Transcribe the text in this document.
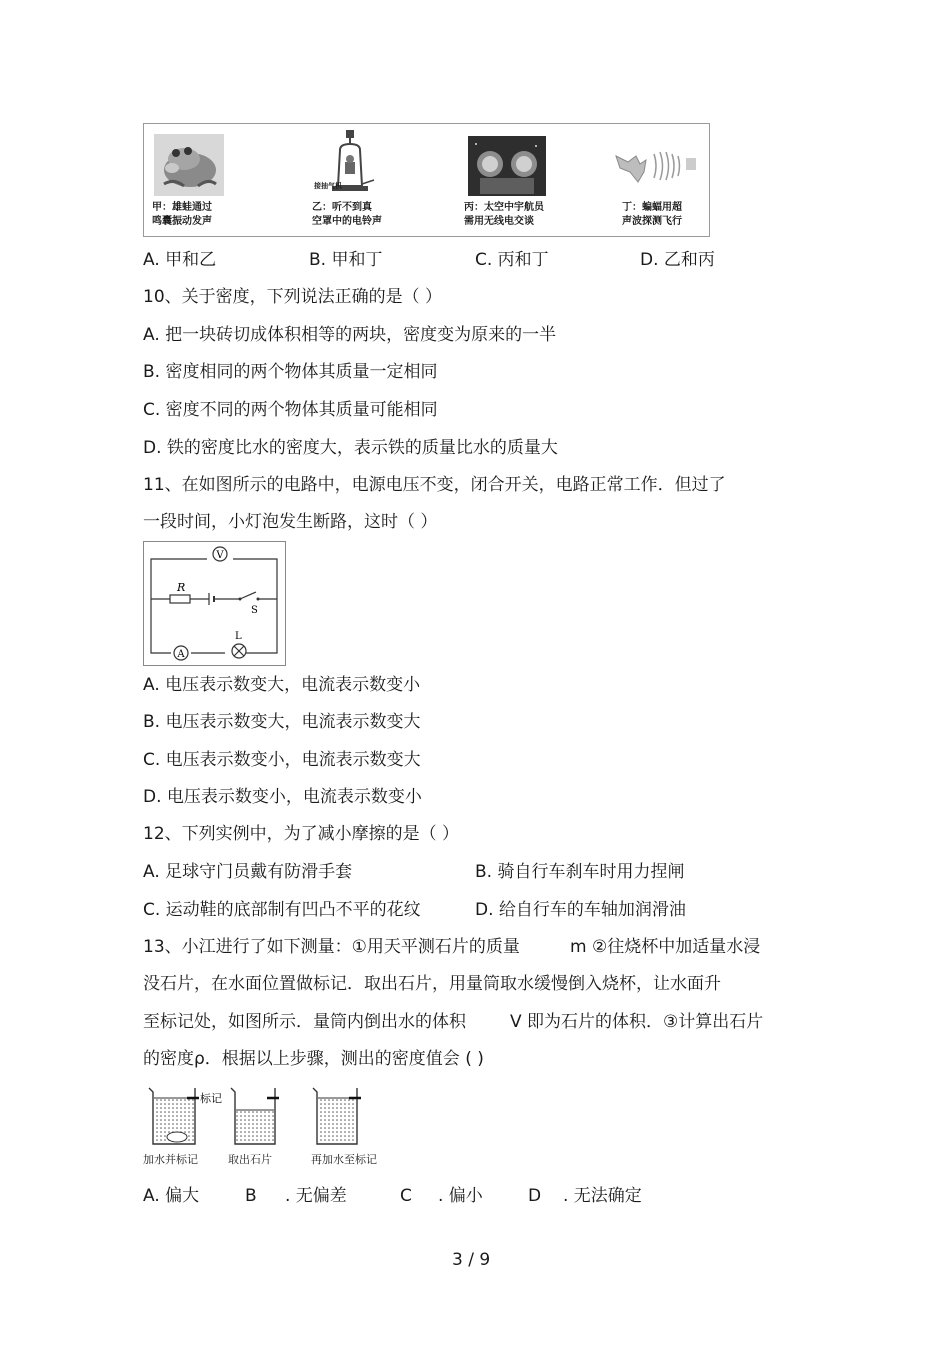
甲：雄蛙通过
鸣囊振动发声
接抽气机
乙：听不到真
空罩中的电铃声
丙：太空中宇航员
需用无线电交谈
丁：蝙蝠用超
声波探测飞行
A. 甲和乙	B. 甲和丁	C. 丙和丁	D. 乙和丙
10、关于密度，下列说法正确的是（ ）
A. 把一块砖切成体积相等的两块，密度变为原来的一半
B. 密度相同的两个物体其质量一定相同
C. 密度不同的两个物体其质量可能相同
D. 铁的密度比水的密度大，表示铁的质量比水的质量大
11、在如图所示的电路中，电源电压不变，闭合开关，电路正常工作．但过了
一段时间，小灯泡发生断路，这时（ ）
V
R
S
A
L
A. 电压表示数变大，电流表示数变小
B. 电压表示数变大，电流表示数变大
C. 电压表示数变小，电流表示数变大
D. 电压表示数变小，电流表示数变小
12、下列实例中，为了减小摩擦的是（ ）
A. 足球守门员戴有防滑手套	B. 骑自行车刹车时用力捏闸
C. 运动鞋的底部制有凹凸不平的花纹	D. 给自行车的车轴加润滑油
13、小江进行了如下测量：①用天平测石片的质量	m ②往烧杯中加适量水浸
没石片，在水面位置做标记．取出石片，用量筒取水缓慢倒入烧杯，让水面升
至标记处，如图所示．量筒内倒出水的体积	V 即为石片的体积．③计算出石片
的密度ρ．根据以上步骤，测出的密度值会 ( )
标记
加水并标记	取出石片	再加水至标记
A. 偏大	B . 无偏差	C . 偏小	D . 无法确定
3 / 9
